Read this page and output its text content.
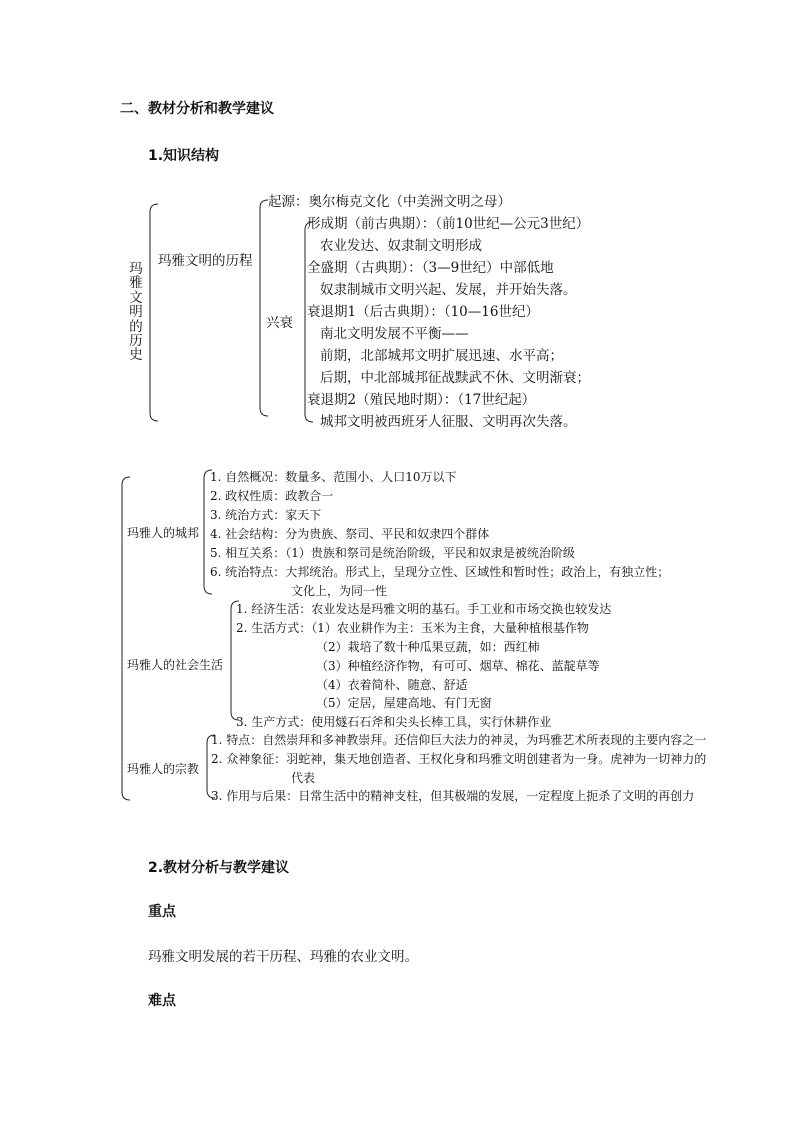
二、教材分析和教学建议
1.知识结构
玛雅文明的历史
玛雅文明的历程
起源：奥尔梅克文化（中美洲文明之母）
兴衰
形成期（前古典期）：（前10世纪—公元3世纪）
农业发达、奴隶制文明形成
全盛期（古典期）：（3—9世纪）中部低地
奴隶制城市文明兴起、发展，并开始失落。
衰退期1（后古典期）：（10—16世纪）
南北文明发展不平衡——
前期，北部城邦文明扩展迅速、水平高；
后期，中北部城邦征战黩武不休、文明渐衰；
衰退期2（殖民地时期）：（17世纪起）
城邦文明被西班牙人征服、文明再次失落。
玛雅人的城邦
玛雅人的社会生活
玛雅人的宗教
1. 自然概况：数量多、范围小、人口10万以下
2. 政权性质：政教合一
3. 统治方式：家天下
4. 社会结构：分为贵族、祭司、平民和奴隶四个群体
5. 相互关系：（1）贵族和祭司是统治阶级，平民和奴隶是被统治阶级
6. 统治特点：大邦统治。形式上，呈现分立性、区域性和暂时性；政治上，有独立性；
文化上，为同一性
1. 经济生活：农业发达是玛雅文明的基石。手工业和市场交换也较发达
2. 生活方式：（1）农业耕作为主：玉米为主食，大量种植根基作物
（2）栽培了数十种瓜果豆蔬，如：西红柿
（3）种植经济作物，有可可、烟草、棉花、蓝靛草等
（4）衣着简朴、随意、舒适
（5）定居，屋建高地、有门无窗
3. 生产方式：使用燧石石斧和尖头长棒工具，实行休耕作业
1. 特点：自然崇拜和多神教崇拜。还信仰巨大法力的神灵，为玛雅艺术所表现的主要内容之一
2. 众神象征：羽蛇神，集天地创造者、王权化身和玛雅文明创建者为一身。虎神为一切神力的
代表
3. 作用与后果：日常生活中的精神支柱，但其极端的发展，一定程度上扼杀了文明的再创力
2.教材分析与教学建议
重点
玛雅文明发展的若干历程、玛雅的农业文明。
难点
